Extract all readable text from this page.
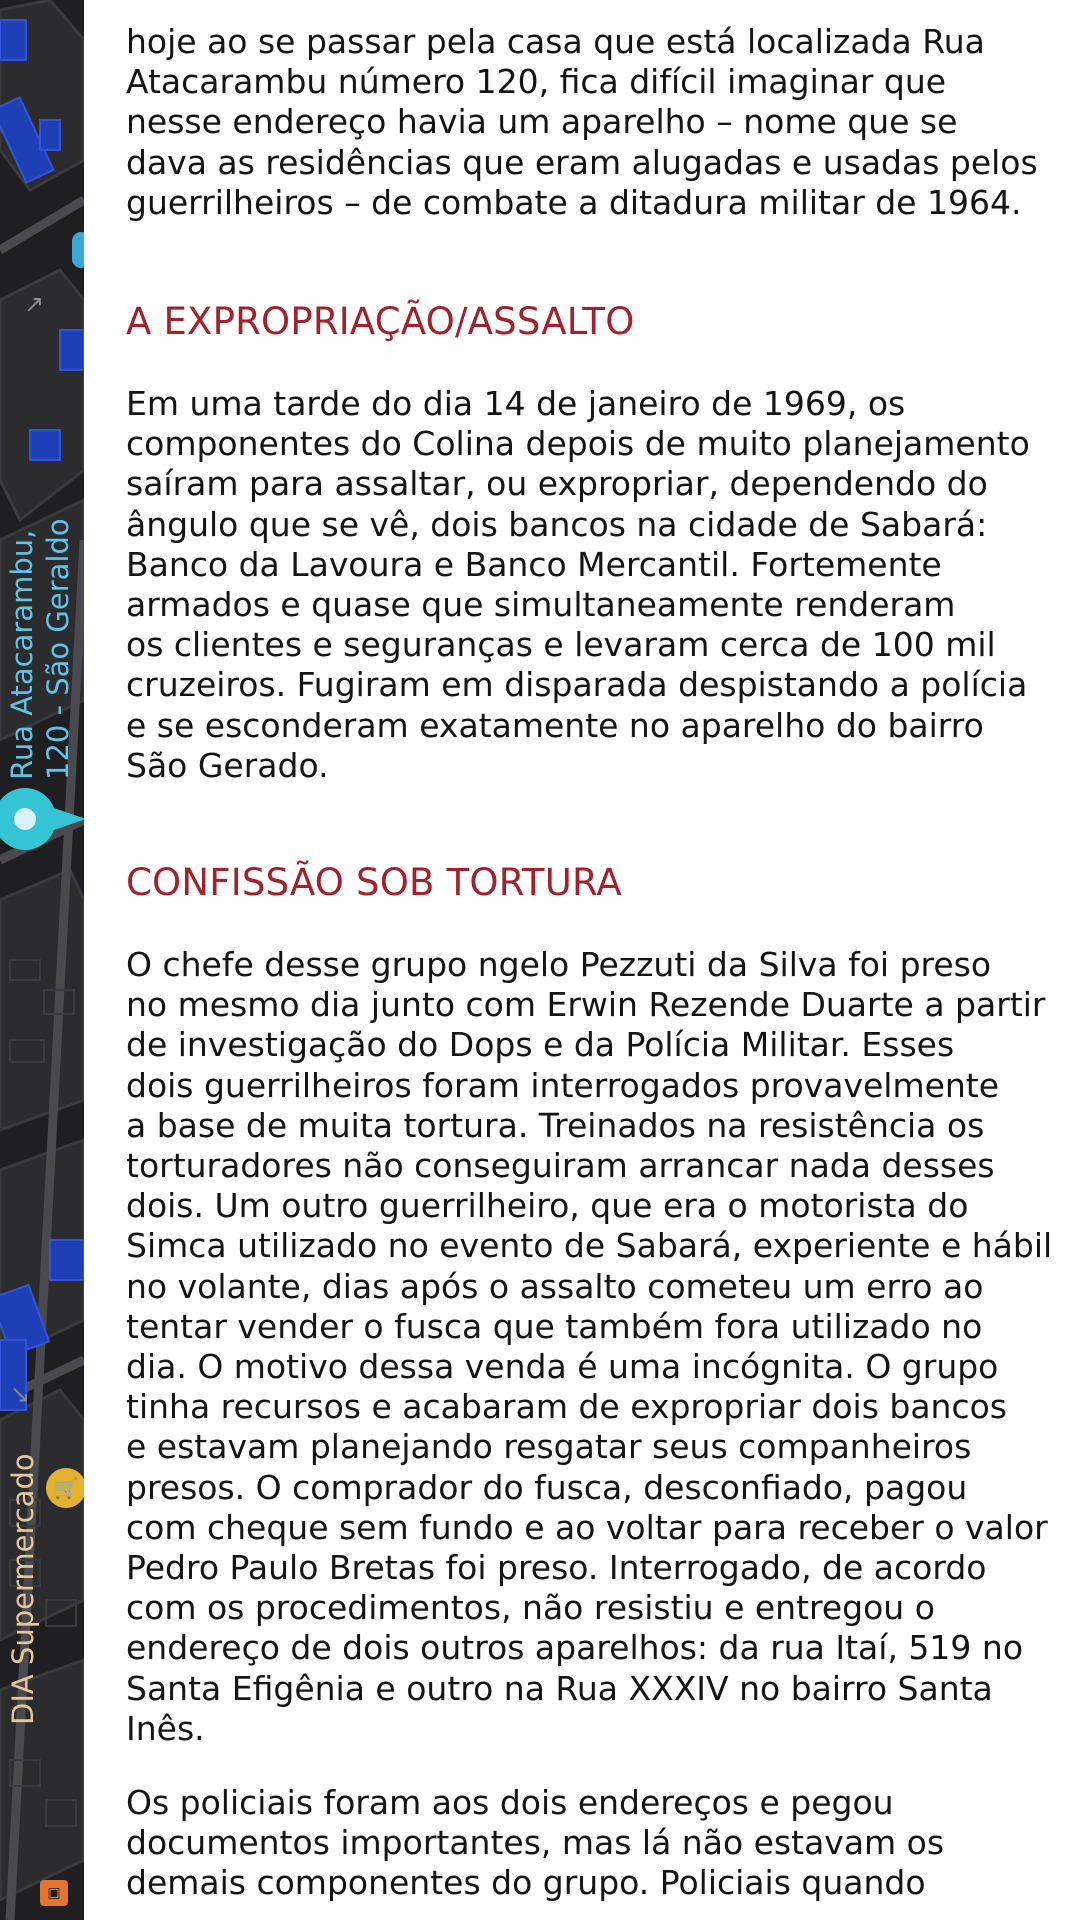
↗
↘
Rua Atacarambu, 120 - São Geraldo
🛒
DIA Supermercado
▣

hoje ao se passar pela casa que está localizada Rua
Atacarambu número 120, fica difícil imaginar que
nesse endereço havia um aparelho – nome que se
dava as residências que eram alugadas e usadas pelos
guerrilheiros – de combate a ditadura militar de 1964.

A EXPROPRIAÇÃO/ASSALTO

Em uma tarde do dia 14 de janeiro de 1969, os
componentes do Colina depois de muito planejamento
saíram para assaltar, ou expropriar, dependendo do
ângulo que se vê, dois bancos na cidade de Sabará:
Banco da Lavoura e Banco Mercantil. Fortemente
armados e quase que simultaneamente renderam
os clientes e seguranças e levaram cerca de 100 mil
cruzeiros. Fugiram em disparada despistando a polícia
e se esconderam exatamente no aparelho do bairro
São Gerado.

CONFISSÃO SOB TORTURA

O chefe desse grupo ngelo Pezzuti da Silva foi preso
no mesmo dia junto com Erwin Rezende Duarte a partir
de investigação do Dops e da Polícia Militar. Esses
dois guerrilheiros foram interrogados provavelmente
a base de muita tortura. Treinados na resistência os
torturadores não conseguiram arrancar nada desses
dois. Um outro guerrilheiro, que era o motorista do
Simca utilizado no evento de Sabará, experiente e hábil
no volante, dias após o assalto cometeu um erro ao
tentar vender o fusca que também fora utilizado no
dia. O motivo dessa venda é uma incógnita. O grupo
tinha recursos e acabaram de expropriar dois bancos
e estavam planejando resgatar seus companheiros
presos. O comprador do fusca, desconfiado, pagou
com cheque sem fundo e ao voltar para receber o valor
Pedro Paulo Bretas foi preso. Interrogado, de acordo
com os procedimentos, não resistiu e entregou o
endereço de dois outros aparelhos: da rua Itaí, 519 no
Santa Efigênia e outro na Rua XXXIV no bairro Santa
Inês.

Os policiais foram aos dois endereços e pegou
documentos importantes, mas lá não estavam os
demais componentes do grupo. Policiais quando
